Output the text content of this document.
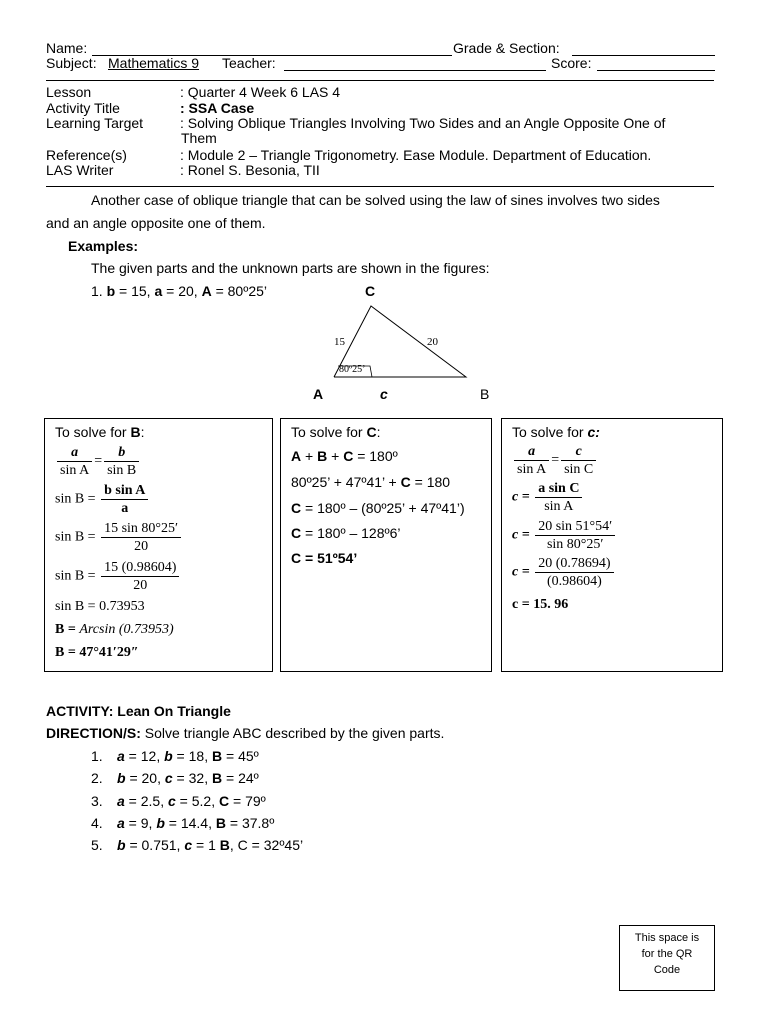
Name:	Grade & Section:
Subject: Mathematics 9 Teacher:	Score:
Lesson	: Quarter 4 Week 6 LAS 4
Activity Title	: SSA Case
Learning Target	: Solving Oblique Triangles Involving Two Sides and an Angle Opposite One of
Them
Reference(s)	: Module 2 – Triangle Trigonometry. Ease Module. Department of Education.
LAS Writer	: Ronel S. Besonia, TII
Another case of oblique triangle that can be solved using the law of sines involves two sides
and an angle opposite one of them.
Examples:
The given parts and the unknown parts are shown in the figures:
1. b = 15, a = 20, A = 80º25’	C
15	20
80º25’
A	c	B
To solve for B:
$\frac{a}{\text{sin A}} = \frac{b}{\text{sin B}}$
$\sin B = \frac{\text{b sin A}}{a}$
$\sin B = \frac{15 \sin 80^\circ 25'}{20}$
$\sin B = \frac{15 (0.98604)}{20}$
sin B = 0.73953
B = Arcsin (0.73953)
B = 47°41′29″
To solve for C:
A + B + C = 180º
80º25’ + 47º41’ + C = 180
C = 180º – (80º25’ + 47º41’)
C = 180º – 128º6’
C = 51º54’
To solve for c:
$\frac{a}{\text{sin A}} = \frac{c}{\text{sin C}}$
$c = \frac{\text{a sin C}}{\text{sin A}}$
$c = \frac{20 \sin 51^\circ 54'}{\sin 80^\circ 25'}$
$c = \frac{20 (0.78694)}{(0.98604)}$
c = 15. 96
ACTIVITY: Lean On Triangle
DIRECTION/S: Solve triangle ABC described by the given parts.
1. a = 12, b = 18, B = 45º
2. b = 20, c = 32, B = 24º
3. a = 2.5, c = 5.2, C = 79º
4. a = 9, b = 14.4, B = 37.8º
5. b = 0.751, c = 1 B, C = 32º45’
This space is
for the QR
Code
